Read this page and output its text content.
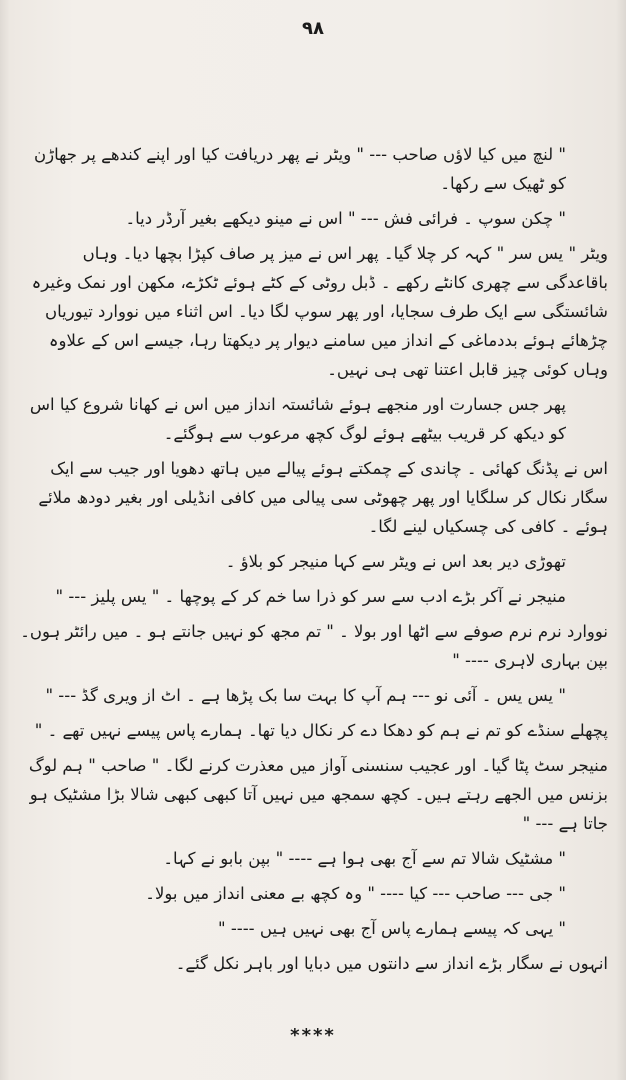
۹۸

" لنچ میں کیا لاؤں صاحب --- " ویٹر نے پھر دریافت کیا اور اپنے کندھے پر جھاڑن کو ٹھیک سے رکھا۔

" چکن سوپ ۔ فرائی فش --- " اس نے مینو دیکھے بغیر آرڈر دیا۔

ویٹر " یس سر " کہہ کر چلا گیا۔ پھر اس نے میز پر صاف کپڑا بچھا دیا۔ وہاں باقاعدگی سے چھری کانٹے رکھے ۔ ڈبل روٹی کے کٹے ہوئے ٹکڑے، مکھن اور نمک وغیرہ شائستگی سے ایک طرف سجایا، اور پھر سوپ لگا دیا۔ اس اثناء میں نووارد تیوریاں چڑھائے ہوئے بددماغی کے انداز میں سامنے دیوار پر دیکھتا رہا، جیسے اس کے علاوہ وہاں کوئی چیز قابل اعتنا تھی ہی نہیں۔

پھر جس جسارت اور منجھے ہوئے شائستہ انداز میں اس نے کھانا شروع کیا اس کو دیکھ کر قریب بیٹھے ہوئے لوگ کچھ مرعوب سے ہوگئے۔

اس نے پڈنگ کھائی ۔ چاندی کے چمکتے ہوئے پیالے میں ہاتھ دھویا اور جیب سے ایک سگار نکال کر سلگایا اور پھر چھوٹی سی پیالی میں کافی انڈیلی اور بغیر دودھ ملائے ہوئے ۔ کافی کی چسکیاں لینے لگا۔

تھوڑی دیر بعد اس نے ویٹر سے کہا منیجر کو بلاؤ ۔

منیجر نے آکر بڑے ادب سے سر کو ذرا سا خم کر کے پوچھا ۔ " یس پلیز --- "

نووارد نرم نرم صوفے سے اٹھا اور بولا ۔ " تم مجھ کو نہیں جانتے ہو ۔ میں رائٹر ہوں۔ بپن بہاری لاہری ---- "

" یس یس ۔ آئی نو --- ہم آپ کا بہت سا بک پڑھا ہے ۔ اٹ از ویری گڈ --- "

پچھلے سنڈے کو تم نے ہم کو دھکا دے کر نکال دیا تھا۔ ہمارے پاس پیسے نہیں تھے ۔ "

منیجر سٹ پٹا گیا۔ اور عجیب سنسنی آواز میں معذرت کرنے لگا۔ " صاحب " ہم لوگ بزنس میں الجھے رہتے ہیں۔ کچھ سمجھ میں نہیں آتا کبھی کبھی شالا بڑا مشٹیک ہو جاتا ہے --- "

" مشٹیک شالا تم سے آج بھی ہوا ہے ---- " بپن بابو نے کہا۔

" جی --- صاحب --- کیا ---- " وہ کچھ بے معنی انداز میں بولا۔

" یہی کہ پیسے ہمارے پاس آج بھی نہیں ہیں ---- "

انہوں نے سگار بڑے انداز سے دانتوں میں دبایا اور باہر نکل گئے۔

****
